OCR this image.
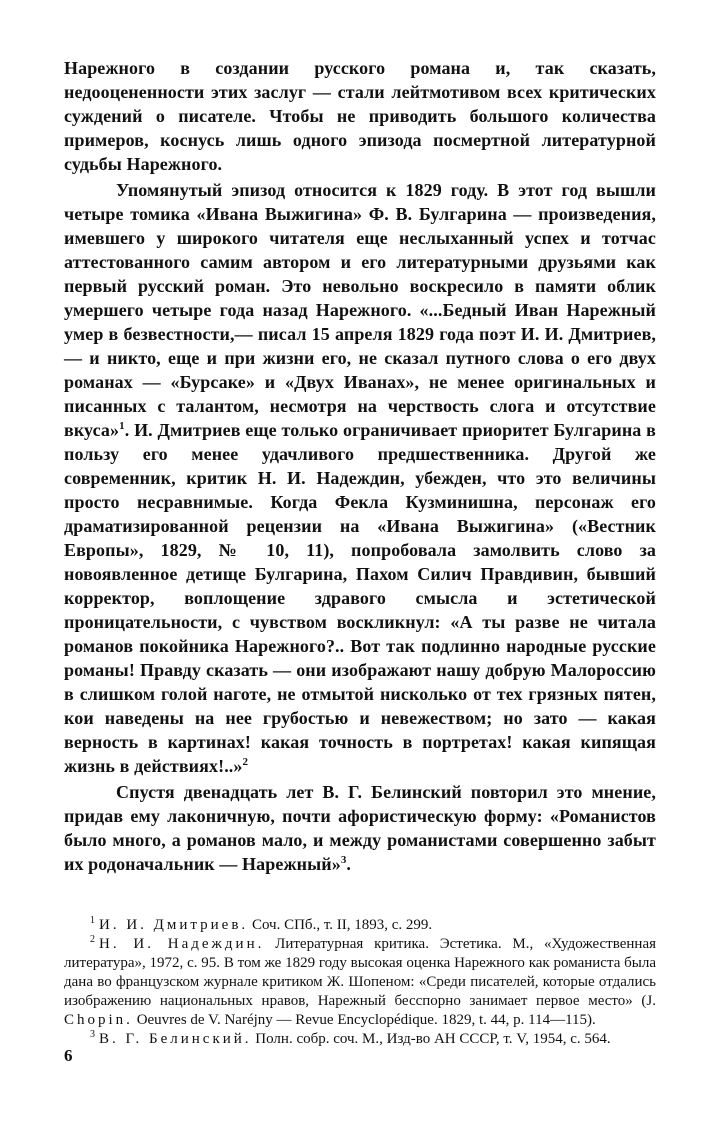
Нарежного в создании русского романа и, так сказать, недооцененности этих заслуг — стали лейтмотивом всех критических суждений о писателе. Чтобы не приводить большого количества примеров, коснусь лишь одного эпизода посмертной литературной судьбы Нарежного.

Упомянутый эпизод относится к 1829 году. В этот год вышли четыре томика «Ивана Выжигина» Ф. В. Булгарина — произведения, имевшего у широкого читателя еще неслыханный успех и тотчас аттестованного самим автором и его литературными друзьями как первый русский роман. Это невольно воскресило в памяти облик умершего четыре года назад Нарежного. «...Бедный Иван Нарежный умер в безвестности,— писал 15 апреля 1829 года поэт И. И. Дмитриев,— и никто, еще и при жизни его, не сказал путного слова о его двух романах — «Бурсаке» и «Двух Иванах», не менее оригинальных и писанных с талантом, несмотря на черствость слога и отсутствие вкуса»$^1$. И. Дмитриев еще только ограничивает приоритет Булгарина в пользу его менее удачливого предшественника. Другой же современник, критик Н. И. Надеждин, убежден, что это величины просто несравнимые. Когда Фекла Кузминишна, персонаж его драматизированной рецензии на «Ивана Выжигина» («Вестник Европы», 1829, № 10, 11), попробовала замолвить слово за новоявленное детище Булгарина, Пахом Силич Правдивин, бывший корректор, воплощение здравого смысла и эстетической проницательности, с чувством воскликнул: «А ты разве не читала романов покойника Нарежного?.. Вот так подлинно народные русские романы! Правду сказать — они изображают нашу добрую Малороссию в слишком голой наготе, не отмытой нисколько от тех грязных пятен, кои наведены на нее грубостью и невежеством; но зато — какая верность в картинах! какая точность в портретах! какая кипящая жизнь в действиях!..»$^2$

Спустя двенадцать лет В. Г. Белинский повторил это мнение, придав ему лаконичную, почти афористическую форму: «Романистов было много, а романов мало, и между романистами совершенно забыт их родоначальник — Нарежный»$^3$.

$^1$ И. И. Дмитриев. Соч. СПб., т. II, 1893, с. 299.

$^2$ Н. И. Надеждин. Литературная критика. Эстетика. М., «Художественная литература», 1972, с. 95. В том же 1829 году высокая оценка Нарежного как романиста была дана во французском журнале критиком Ж. Шопеном: «Среди писателей, которые отдались изображению национальных нравов, Нарежный бесспорно занимает первое место» (J. Chopin. Oeuvres de V. Naréjny — Revue Encyclopédique. 1829, t. 44, p. 114—115).

$^3$ В. Г. Белинский. Полн. собр. соч. М., Изд-во АН СССР, т. V, 1954, с. 564.

6
